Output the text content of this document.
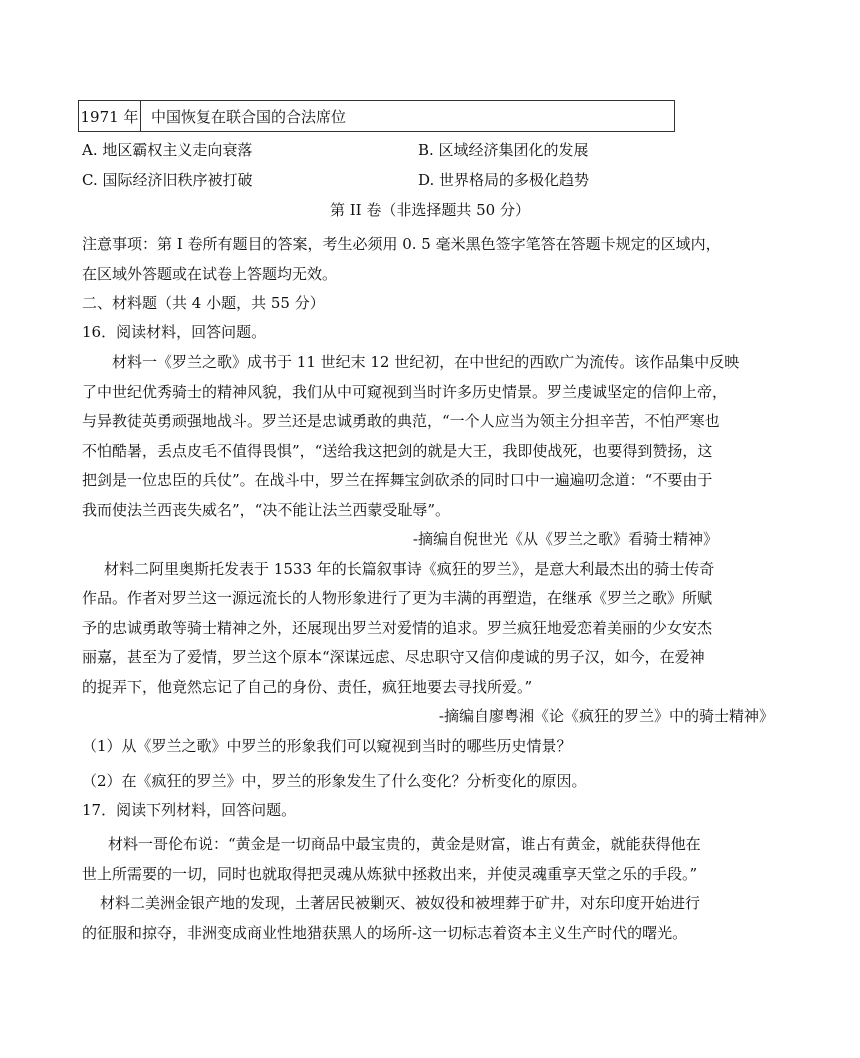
1971 年 中国恢复在联合国的合法席位
A. 地区霸权主义走向衰落	B. 区域经济集团化的发展
C. 国际经济旧秩序被打破	D. 世界格局的多极化趋势
第 II 卷（非选择题共 50 分）
注意事项：第 I 卷所有题目的答案，考生必须用 0. 5 毫米黑色签字笔答在答题卡规定的区域内，
在区域外答题或在试卷上答题均无效。
二、材料题（共 4 小题，共 55 分）
16．阅读材料，回答问题。
材料一《罗兰之歌》成书于 11 世纪末 12 世纪初，在中世纪的西欧广为流传。该作品集中反映
了中世纪优秀骑士的精神风貌，我们从中可窥视到当时许多历史情景。罗兰虔诚坚定的信仰上帝，
与异教徒英勇顽强地战斗。罗兰还是忠诚勇敢的典范，“一个人应当为领主分担辛苦，不怕严寒也
不怕酷暑，丢点皮毛不值得畏惧”，“送给我这把剑的就是大王，我即使战死，也要得到赞扬，这
把剑是一位忠臣的兵仗”。在战斗中，罗兰在挥舞宝剑砍杀的同时口中一遍遍叨念道：“不要由于
我而使法兰西丧失威名”，“决不能让法兰西蒙受耻辱”。
-摘编自倪世光《从《罗兰之歌》看骑士精神》
材料二阿里奥斯托发表于 1533 年的长篇叙事诗《疯狂的罗兰》，是意大利最杰出的骑士传奇
作品。作者对罗兰这一源远流长的人物形象进行了更为丰满的再塑造，在继承《罗兰之歌》所赋
予的忠诚勇敢等骑士精神之外，还展现出罗兰对爱情的追求。罗兰疯狂地爱恋着美丽的少女安杰
丽嘉，甚至为了爱情，罗兰这个原本“深谋远虑、尽忠职守又信仰虔诚的男子汉，如今，在爱神
的捉弄下，他竟然忘记了自己的身份、责任，疯狂地要去寻找所爱。”
-摘编自廖粤湘《论《疯狂的罗兰》中的骑士精神》
（1）从《罗兰之歌》中罗兰的形象我们可以窥视到当时的哪些历史情景？
（2）在《疯狂的罗兰》中，罗兰的形象发生了什么变化？分析变化的原因。
17．阅读下列材料，回答问题。
材料一哥伦布说：“黄金是一切商品中最宝贵的，黄金是财富，谁占有黄金，就能获得他在
世上所需要的一切，同时也就取得把灵魂从炼狱中拯救出来，并使灵魂重享天堂之乐的手段。”
材料二美洲金银产地的发现，土著居民被剿灭、被奴役和被埋葬于矿井，对东印度开始进行
的征服和掠夺，非洲变成商业性地猎获黑人的场所-这一切标志着资本主义生产时代的曙光。
